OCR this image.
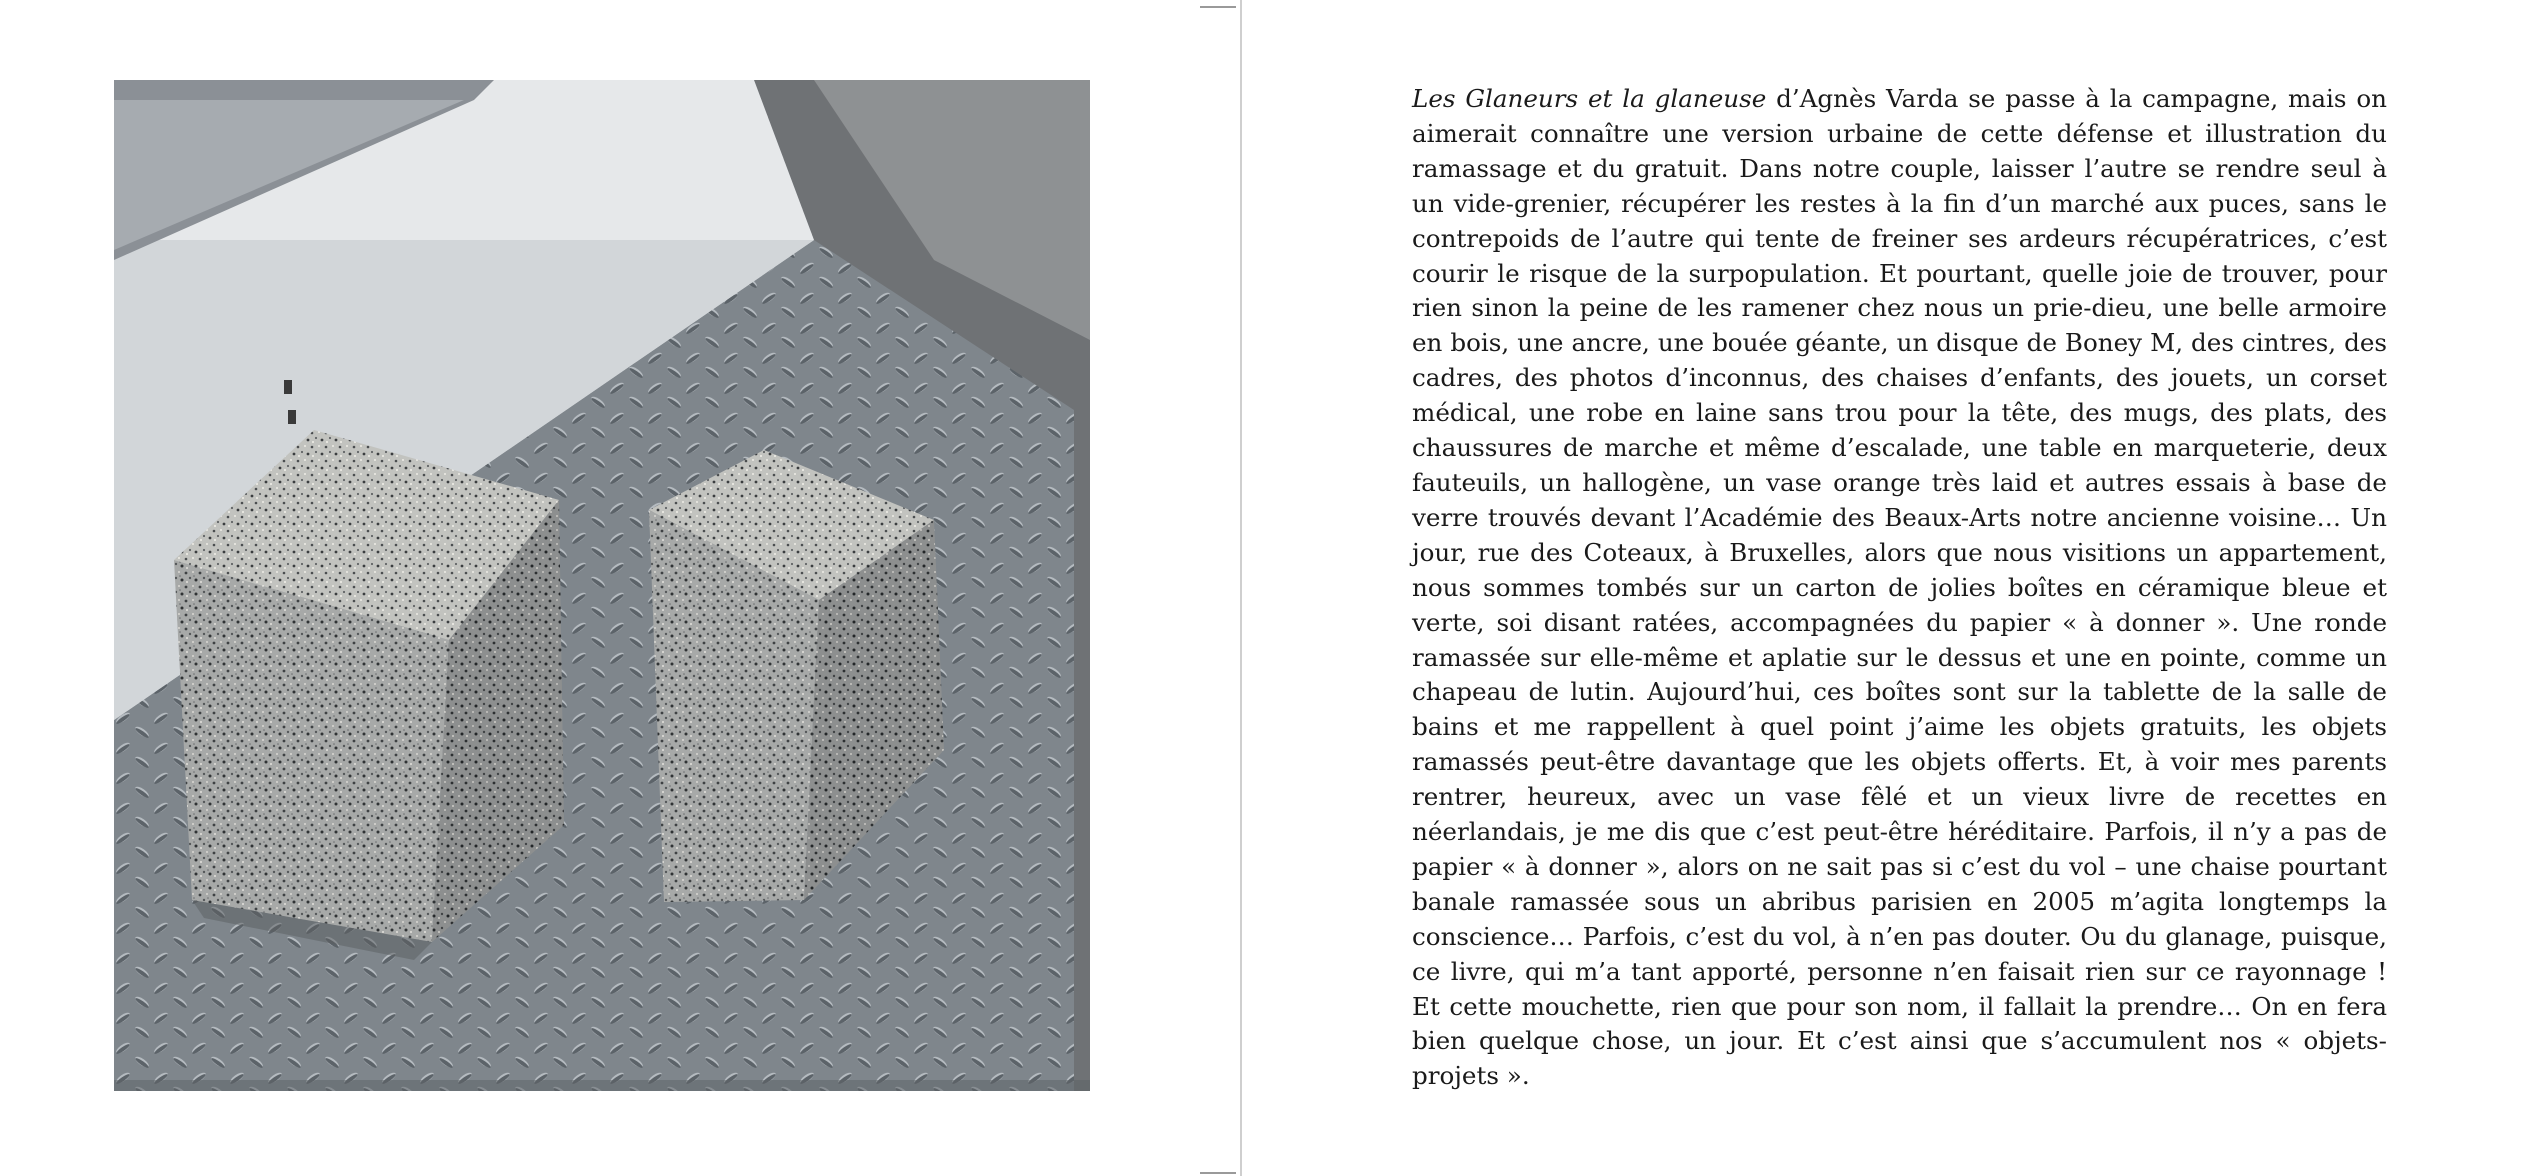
Les Glaneurs et la glaneuse d’Agnès Varda se passe à la campagne, mais on aimerait connaître une version urbaine de cette défense et illustration du ramassage et du gratuit. Dans notre couple, laisser l’autre se rendre seul à un vide-grenier, récupérer les restes à la fin d’un marché aux puces, sans le contrepoids de l’autre qui tente de freiner ses ardeurs récupératrices, c’est courir le risque de la surpopulation. Et pourtant, quelle joie de trouver, pour rien sinon la peine de les ramener chez nous un prie-dieu, une belle armoire en bois, une ancre, une bouée géante, un disque de Boney M, des cintres, des cadres, des photos d’inconnus, des chaises d’enfants, des jouets, un corset médical, une robe en laine sans trou pour la tête, des mugs, des plats, des chaussures de marche et même d’escalade, une table en marqueterie, deux fauteuils, un hallogène, un vase orange très laid et autres essais à base de verre trouvés devant l’Académie des Beaux-Arts notre ancienne voisine… Un jour, rue des Coteaux, à Bruxelles, alors que nous visitions un appartement, nous sommes tombés sur un carton de jolies boîtes en céramique bleue et verte, soi disant ratées, accompagnées du papier « à donner ». Une ronde ramassée sur elle-même et aplatie sur le dessus et une en pointe, comme un chapeau de lutin. Aujourd’hui, ces boîtes sont sur la tablette de la salle de bains et me rappellent à quel point j’aime les objets gratuits, les objets ramassés peut-être davantage que les objets offerts. Et, à voir mes parents rentrer, heureux, avec un vase fêlé et un vieux livre de recettes en néerlandais, je me dis que c’est peut-être héréditaire. Parfois, il n’y a pas de papier « à donner », alors on ne sait pas si c’est du vol – une chaise pourtant banale ramassée sous un abribus parisien en 2005 m’agita longtemps la conscience… Parfois, c’est du vol, à n’en pas douter. Ou du glanage, puisque, ce livre, qui m’a tant apporté, personne n’en faisait rien sur ce rayonnage ! Et cette mouchette, rien que pour son nom, il fallait la prendre… On en fera bien quelque chose, un jour. Et c’est ainsi que s’accumulent nos « objets-projets ».
